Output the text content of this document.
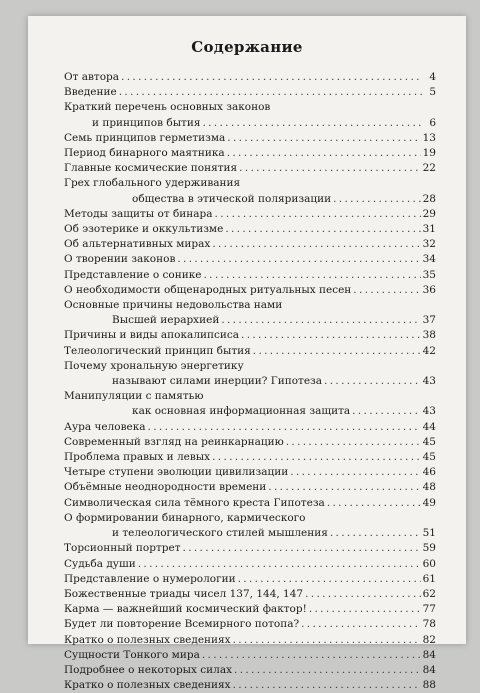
Содержание
От автора . . .	4
Введение . . .	5
Краткий перечень основных законов
и принципов бытия . . .	6
Семь принципов герметизма . . .	13
Период бинарного маятника . . .	19
Главные космические понятия . . .	22
Грех глобального удерживания
общества в этической поляризации . . .	28
Методы защиты от бинара . . .	29
Об эзотерике и оккультизме . . .	31
Об альтернативных мирах . . .	32
О творении законов . . .	34
Представление о сонике . . .	35
О необходимости общенародных ритуальных песен . . .	36
Основные причины недовольства нами
Высшей иерархией . . .	37
Причины и виды апокалипсиса . . .	38
Телеологический принцип бытия . . .	42
Почему хрональную энергетику
называют силами инерции? Гипотеза . . .	43
Манипуляции с памятью
как основная информационная защита . . .	43
Аура человека . . .	44
Современный взгляд на реинкарнацию . . .	45
Проблема правых и левых . . .	45
Четыре ступени эволюции цивилизации . . .	46
Объёмные неоднородности времени . . .	48
Символическая сила тёмного креста Гипотеза . . .	49
О формировании бинарного, кармического
и телеологического стилей мышления . . .	51
Торсионный портрет . . .	59
Судьба души . . .	60
Представление о нумерологии . . .	61
Божественные триады чисел 137, 144, 147 . . .	62
Карма — важнейший космический фактор! . . .	77
Будет ли повторение Всемирного потопа? . . .	78
Кратко о полезных сведениях . . .	82
Сущности Тонкого мира . . .	84
Подробнее о некоторых силах . . .	84
Кратко о полезных сведениях . . .	88
